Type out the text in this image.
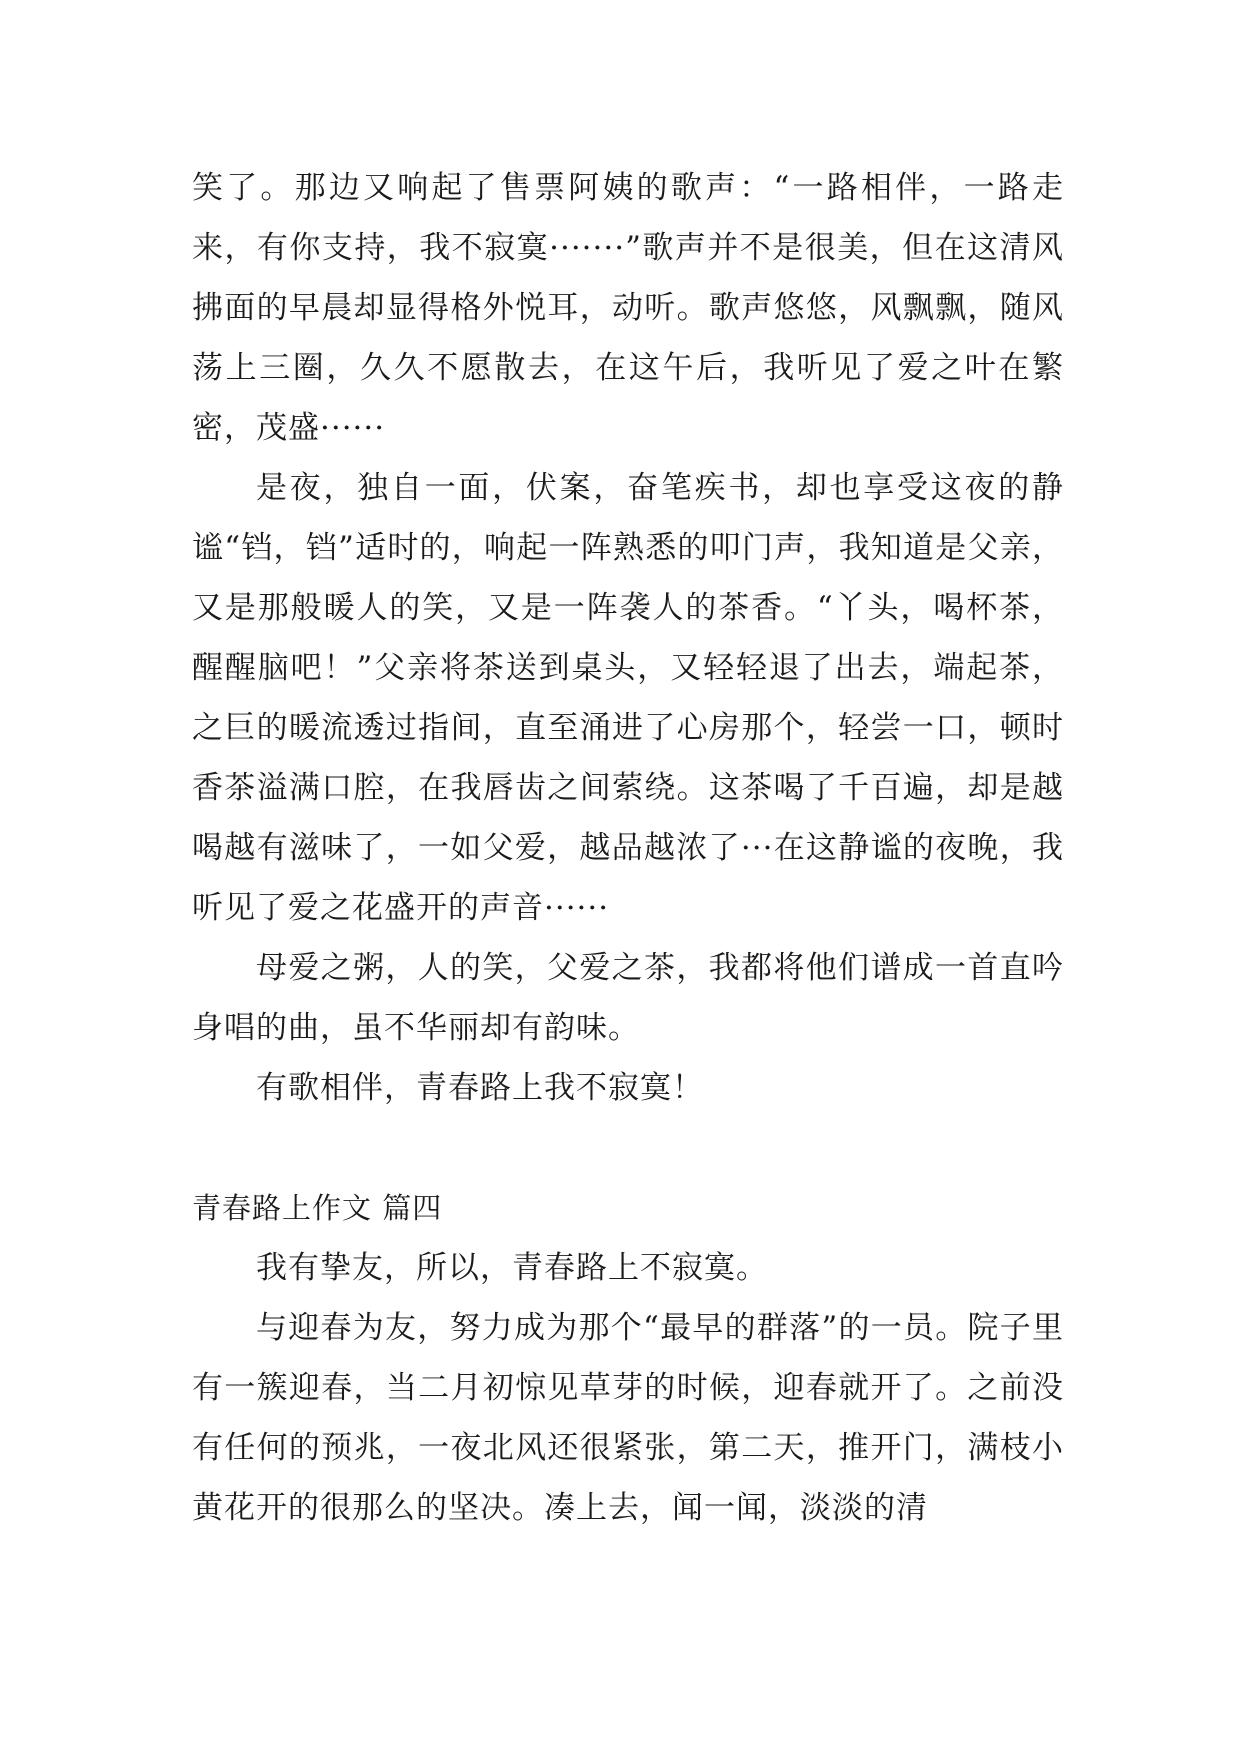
笑了。那边又响起了售票阿姨的歌声：“一路相伴，一路走来，有你支持，我不寂寞·······”歌声并不是很美，但在这清风拂面的早晨却显得格外悦耳，动听。歌声悠悠，风飘飘，随风荡上三圈，久久不愿散去，在这午后，我听见了爱之叶在繁密，茂盛······

是夜，独自一面，伏案，奋笔疾书，却也享受这夜的静谧“铛，铛”适时的，响起一阵熟悉的叩门声，我知道是父亲，又是那般暖人的笑，又是一阵袭人的茶香。“丫头，喝杯茶，醒醒脑吧！”父亲将茶送到桌头，又轻轻退了出去，端起茶，之巨的暖流透过指间，直至涌进了心房那个，轻尝一口，顿时香茶溢满口腔，在我唇齿之间萦绕。这茶喝了千百遍，却是越喝越有滋味了，一如父爱，越品越浓了···在这静谧的夜晚，我听见了爱之花盛开的声音······

母爱之粥，人的笑，父爱之茶，我都将他们谱成一首直吟身唱的曲，虽不华丽却有韵味。

有歌相伴，青春路上我不寂寞！

青春路上作文 篇四

我有挚友，所以，青春路上不寂寞。

与迎春为友，努力成为那个“最早的群落”的一员。院子里有一簇迎春，当二月初惊见草芽的时候，迎春就开了。之前没有任何的预兆，一夜北风还很紧张，第二天，推开门，满枝小黄花开的很那么的坚决。凑上去，闻一闻，淡淡的清
